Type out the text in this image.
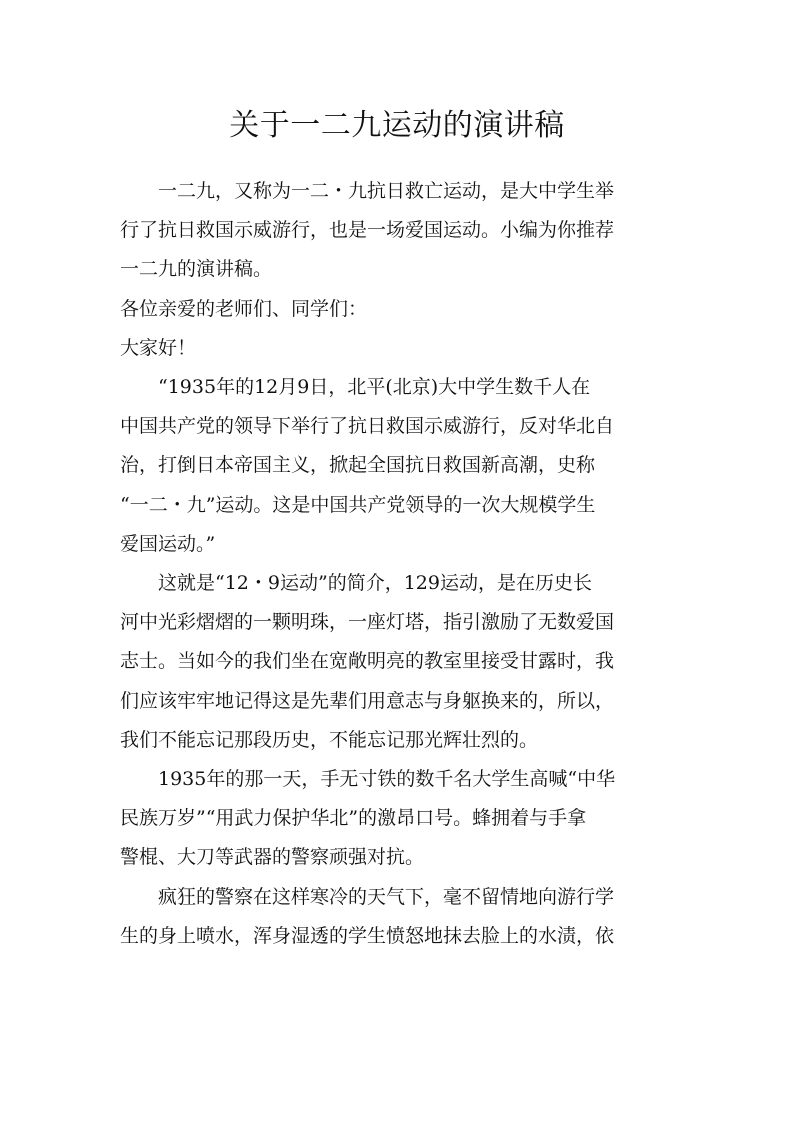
关于一二九运动的演讲稿

一二九，又称为一二・九抗日救亡运动，是大中学生举
行了抗日救国示威游行，也是一场爱国运动。小编为你推荐
一二九的演讲稿。

各位亲爱的老师们、同学们：

大家好！

“1935年的12月9日，北平(北京)大中学生数千人在
中国共产党的领导下举行了抗日救国示威游行，反对华北自
治，打倒日本帝国主义，掀起全国抗日救国新高潮，史称
“一二・九”运动。这是中国共产党领导的一次大规模学生
爱国运动。”

这就是“12・9运动”的简介，129运动，是在历史长
河中光彩熠熠的一颗明珠，一座灯塔，指引激励了无数爱国
志士。当如今的我们坐在宽敞明亮的教室里接受甘露时，我
们应该牢牢地记得这是先辈们用意志与身躯换来的，所以，
我们不能忘记那段历史，不能忘记那光辉壮烈的。

1935年的那一天，手无寸铁的数千名大学生高喊“中华
民族万岁”“用武力保护华北”的激昂口号。蜂拥着与手拿
警棍、大刀等武器的警察顽强对抗。

疯狂的警察在这样寒冷的天气下，毫不留情地向游行学
生的身上喷水，浑身湿透的学生愤怒地抹去脸上的水渍，依
